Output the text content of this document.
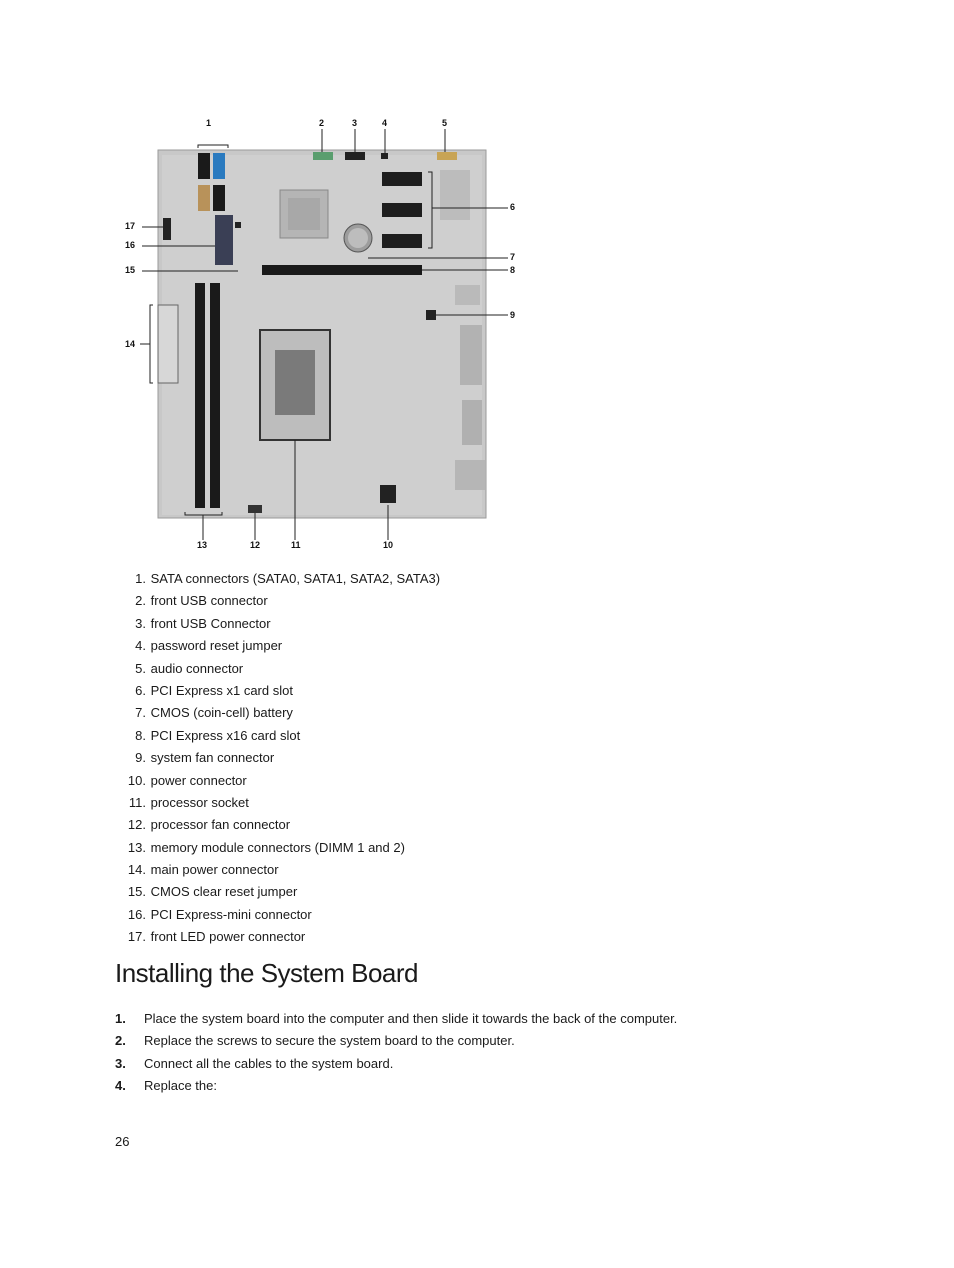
1	2	3	4	5
6
7
8
9
10
11
12
13
14
15
16
17
1. SATA connectors (SATA0, SATA1, SATA2, SATA3)
2. front USB connector
3. front USB Connector
4. password reset jumper
5. audio connector
6. PCI Express x1 card slot
7. CMOS (coin-cell) battery
8. PCI Express x16 card slot
9. system fan connector
10. power connector
11. processor socket
12. processor fan connector
13. memory module connectors (DIMM 1 and 2)
14. main power connector
15. CMOS clear reset jumper
16. PCI Express-mini connector
17. front LED power connector
Installing the System Board
1. Place the system board into the computer and then slide it towards the back of the computer.
2. Replace the screws to secure the system board to the computer.
3. Connect all the cables to the system board.
4. Replace the:
26
